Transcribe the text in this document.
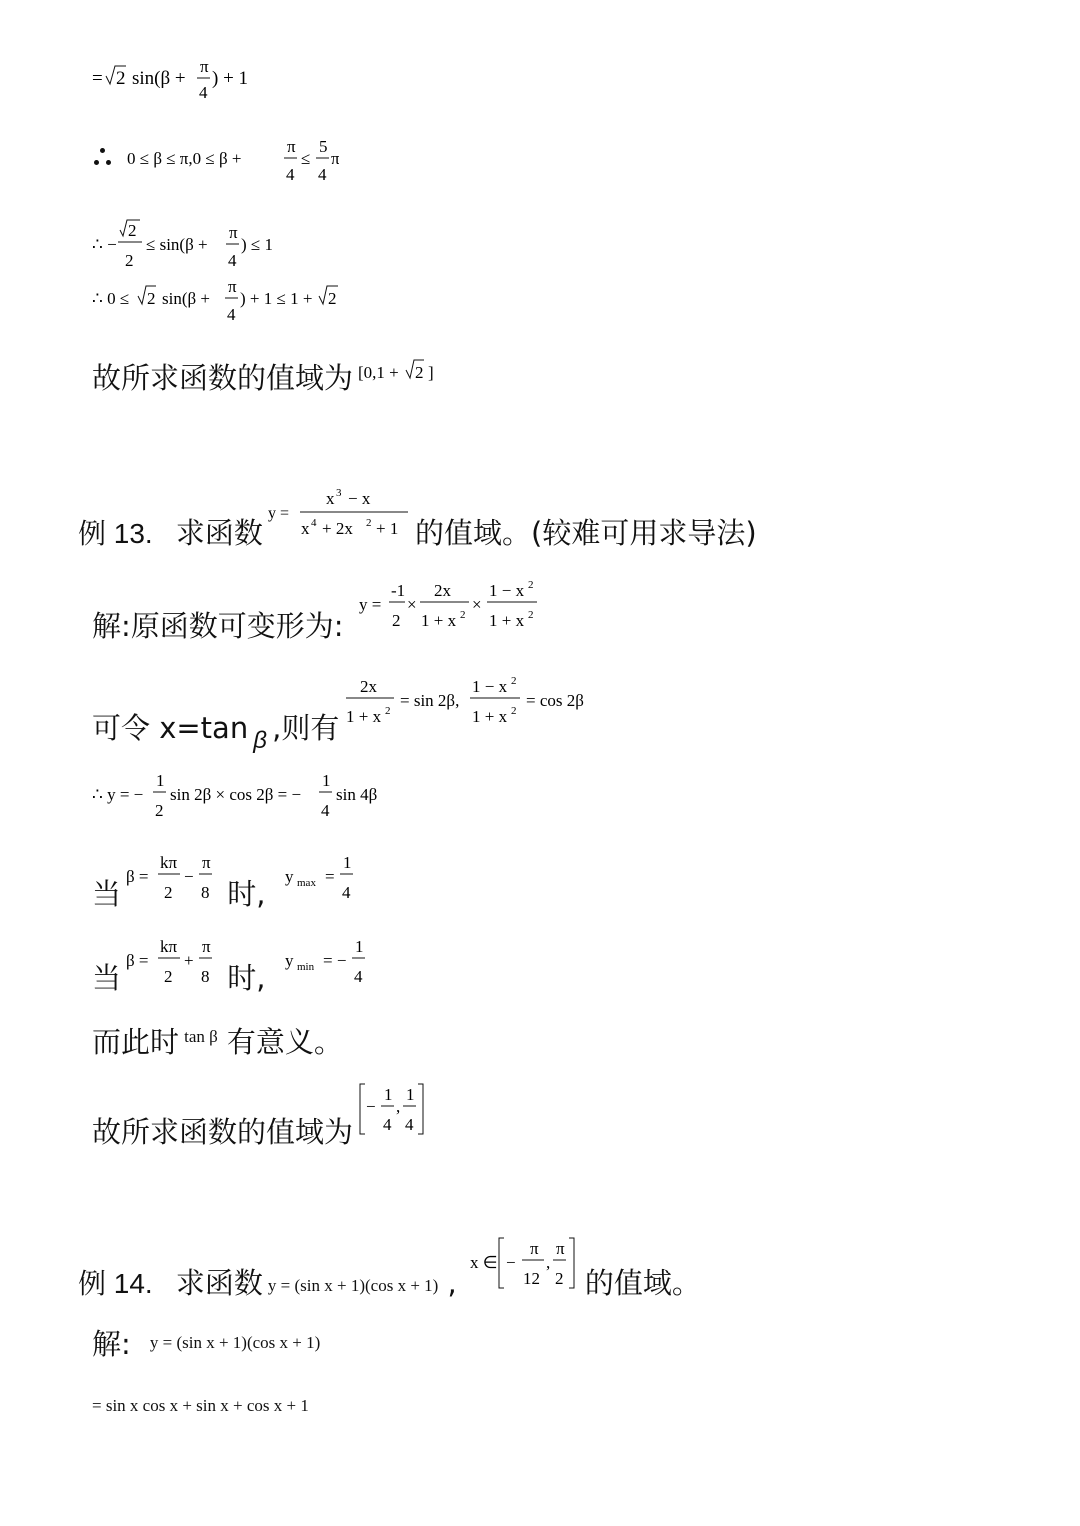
= 2 sin(β +
π
4
) + 1

0 ≤ β ≤ π,0 ≤ β +
π
4
≤
5
4
π
∴ −
2
2
≤ sin(β +
π
4
) ≤ 1
∴ 0 ≤ 2 sin(β +
π
4
) + 1 ≤ 1 + 2
故所求函数的值域为 [0,1 + 2 ]
例 13. 求函数
y =
x 3 − x
x 4 + 2x 2 + 1 的值域。(较难可用求导法)
解:原函数可变形为:
y =
-1
2
×
2x
1 + x 2
×
1 − x 2
1 + x 2
可令 x=tan β ,则有
2x
1 + x 2
= sin 2β,
1 − x 2
1 + x 2
= cos 2β
∴ y = −
1
2
sin 2β × cos 2β = −
1
4
sin 4β
当
β =
kπ
2
−
π
8 时,
y max =
1
4
当
β =
kπ
2
+
π
8 时,
y min = −
1
4
而此时 tan β 有意义。
故所求函数的值域为
−
1
4
,
1
4
例 14. 求函数 y = (sin x + 1)(cos x + 1) ,
x ∈ −
π
12
,
π
2 的值域。
解: y = (sin x + 1)(cos x + 1)
= sin x cos x + sin x + cos x + 1
